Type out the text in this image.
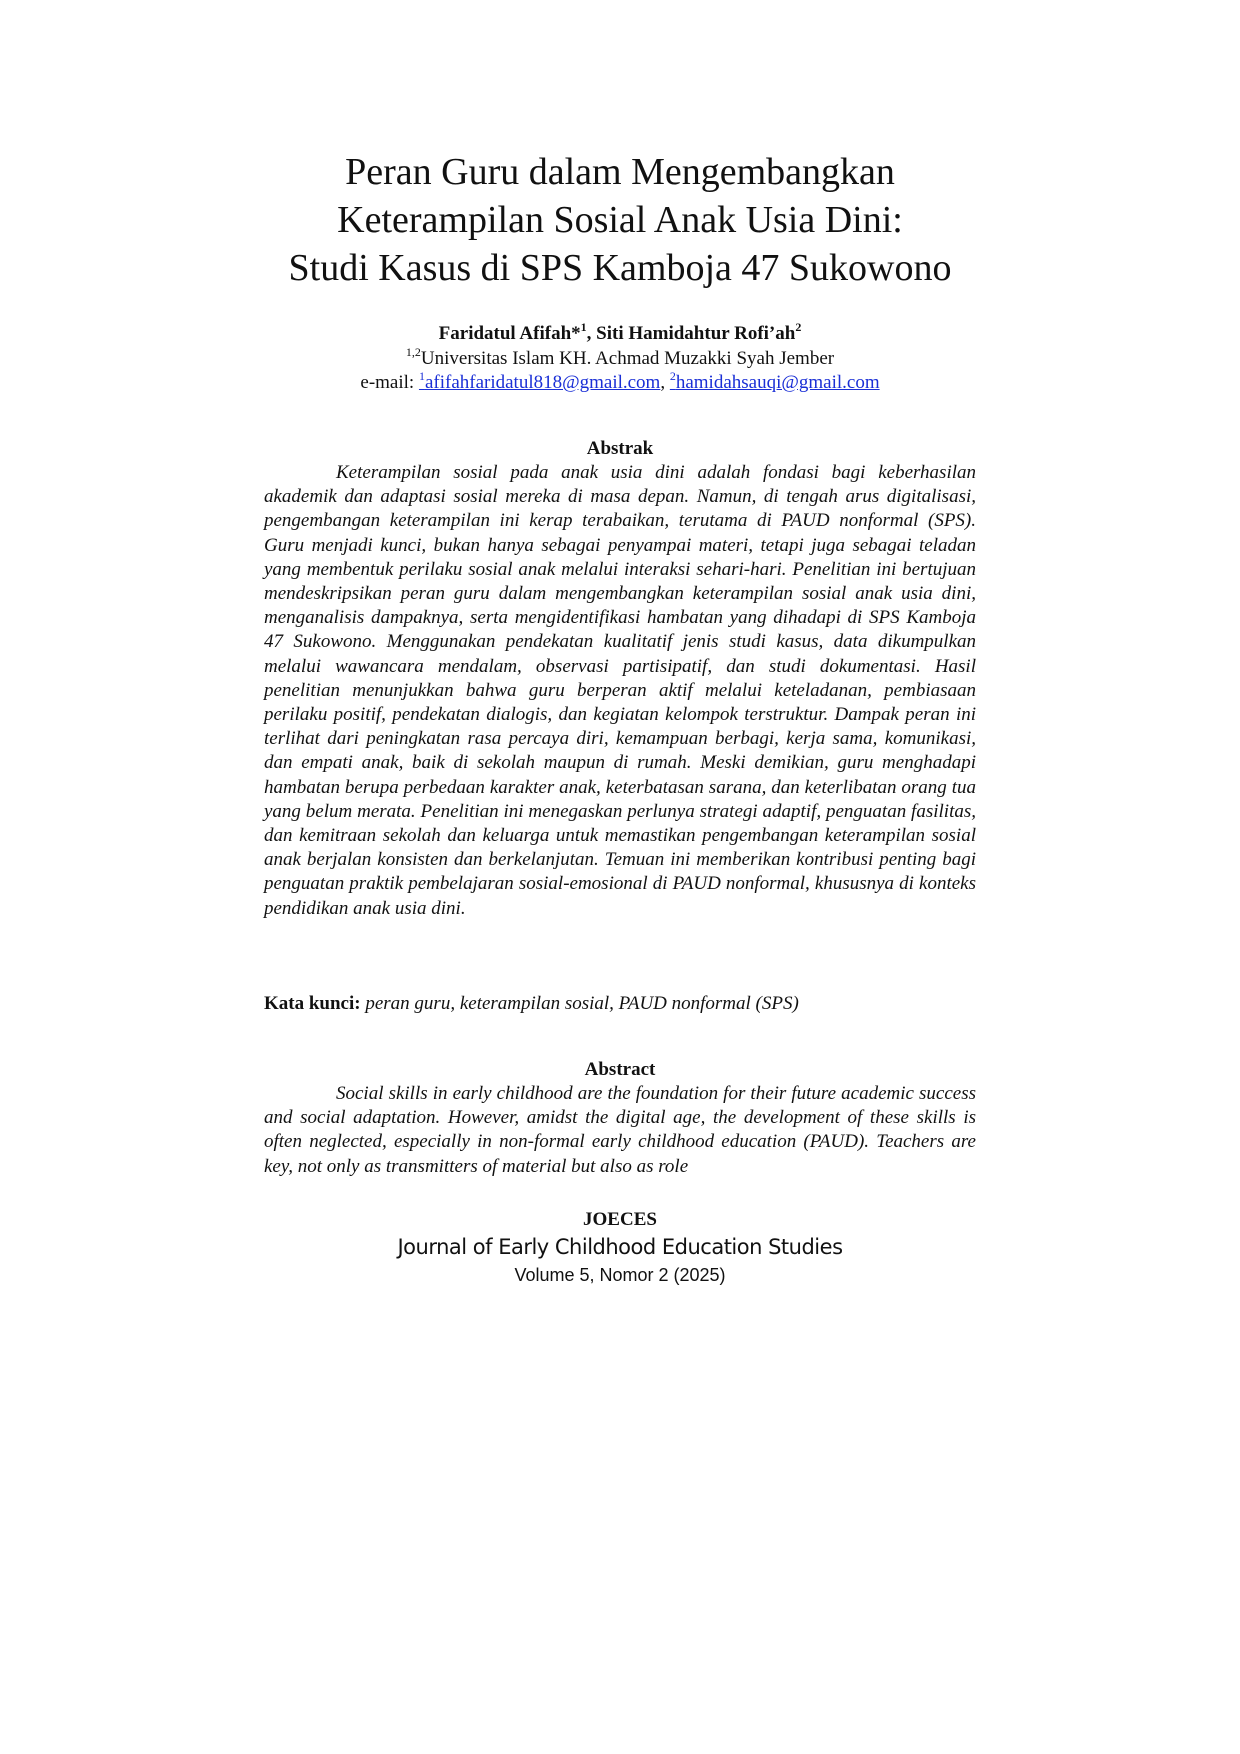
Peran Guru dalam Mengembangkan
Keterampilan Sosial Anak Usia Dini:
Studi Kasus di SPS Kamboja 47 Sukowono
Faridatul Afifah*$^1$, Siti Hamidahtur $Rofi’ah^2$
$^{1,2}$Universitas Islam KH. Achmad Muzakki Syah Jember
e-mail: $^1$afifahfaridatul818@gmail.com, $^2$hamidahsauqi@gmail.com
Abstrak
Keterampilan sosial pada anak usia dini adalah fondasi bagi keberhasilan akademik dan adaptasi sosial mereka di masa depan. Namun, di tengah arus digitalisasi, pengembangan keterampilan ini kerap terabaikan, terutama di PAUD nonformal (SPS). Guru menjadi kunci, bukan hanya sebagai penyampai materi, tetapi juga sebagai teladan yang membentuk perilaku sosial anak melalui interaksi sehari-hari. Penelitian ini bertujuan mendeskripsikan peran guru dalam mengembangkan keterampilan sosial anak usia dini, menganalisis dampaknya, serta mengidentifikasi hambatan yang dihadapi di SPS Kamboja 47 Sukowono. Menggunakan pendekatan kualitatif jenis studi kasus, data dikumpulkan melalui wawancara mendalam, observasi partisipatif, dan studi dokumentasi. Hasil penelitian menunjukkan bahwa guru berperan aktif melalui keteladanan, pembiasaan perilaku positif, pendekatan dialogis, dan kegiatan kelompok terstruktur. Dampak peran ini terlihat dari peningkatan rasa percaya diri, kemampuan berbagi, kerja sama, komunikasi, dan empati anak, baik di sekolah maupun di rumah. Meski demikian, guru menghadapi hambatan berupa perbedaan karakter anak, keterbatasan sarana, dan keterlibatan orang tua yang belum merata. Penelitian ini menegaskan perlunya strategi adaptif, penguatan fasilitas, dan kemitraan sekolah dan keluarga untuk memastikan pengembangan keterampilan sosial anak berjalan konsisten dan berkelanjutan. Temuan ini memberikan kontribusi penting bagi penguatan praktik pembelajaran sosial-emosional di PAUD nonformal, khususnya di konteks pendidikan anak usia dini.
Kata kunci: peran guru, keterampilan sosial, PAUD nonformal (SPS)
Abstract
Social skills in early childhood are the foundation for their future academic success and social adaptation. However, amidst the digital age, the development of these skills is often neglected, especially in non-formal early childhood education (PAUD). Teachers are key, not only as transmitters of material but also as role
JOECES
Journal of Early Childhood Education Studies
Volume 5, Nomor 2 (2025)
